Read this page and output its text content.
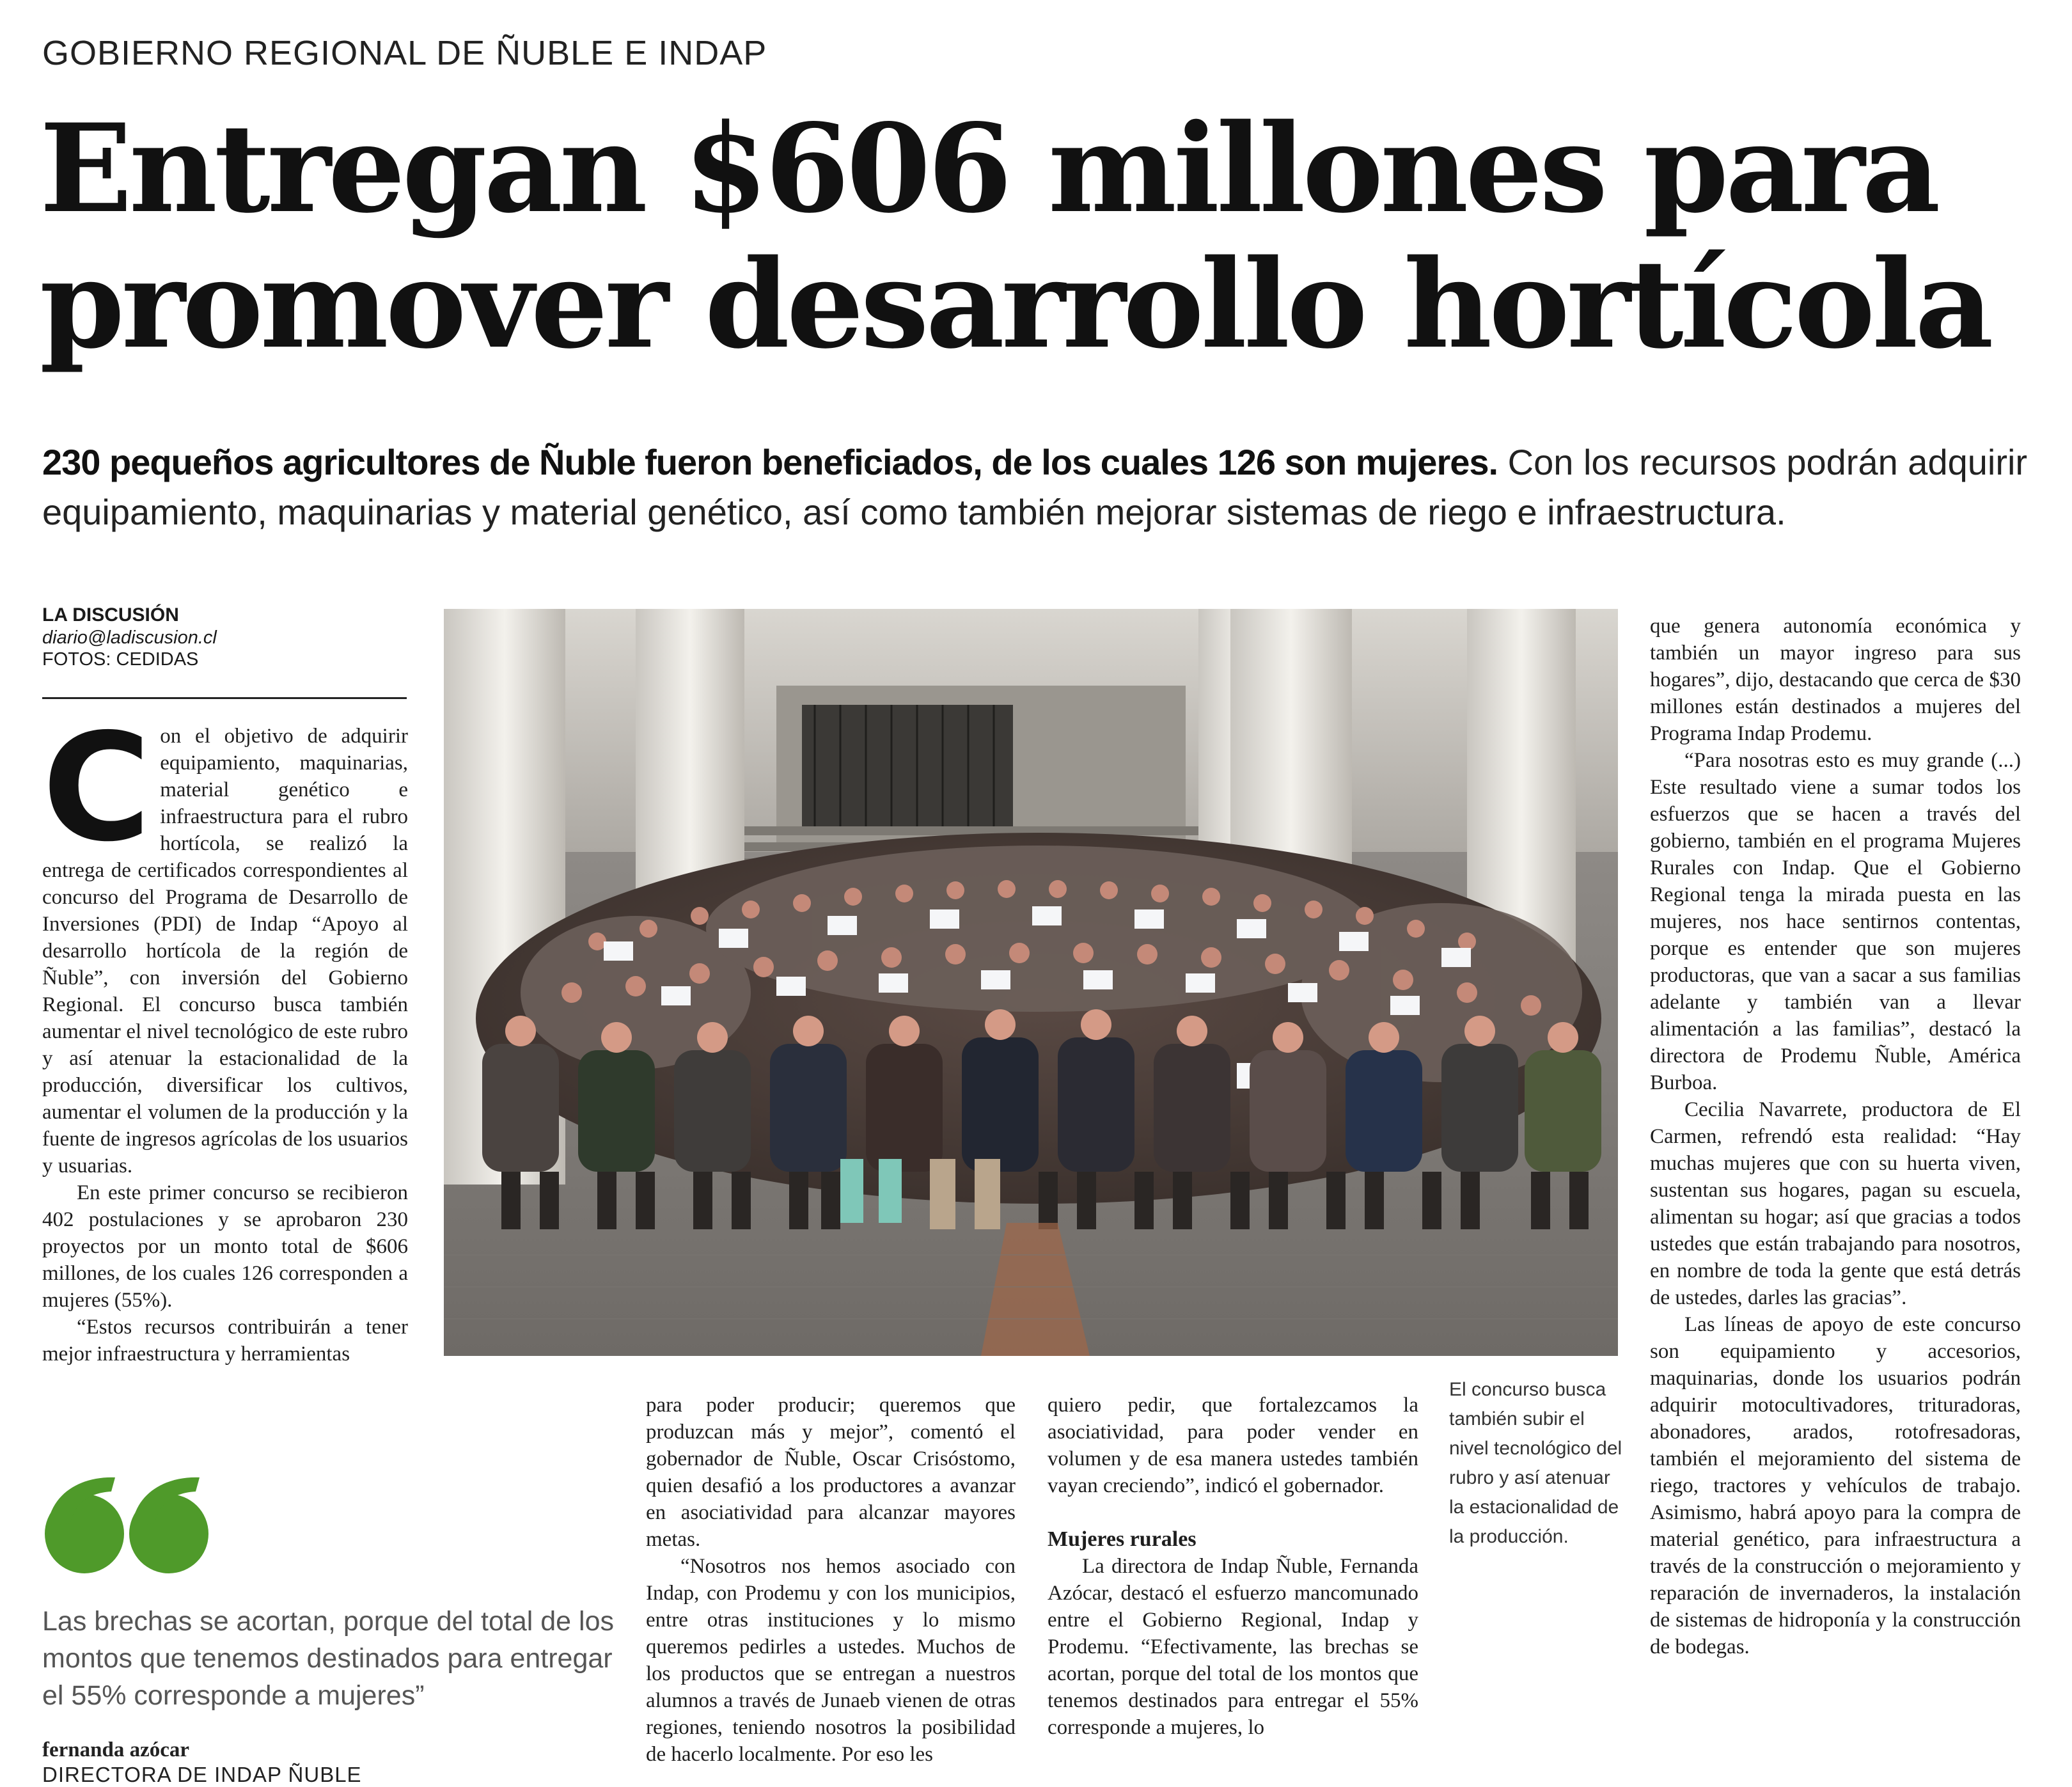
GOBIERNO REGIONAL DE ÑUBLE E INDAP
Entregan $606 millones para
promover desarrollo hortícola
230 pequeños agricultores de Ñuble fueron beneficiados, de los cuales 126 son mujeres. Con los recursos podrán adquirir equipamiento, maquinarias y material genético, así como también mejorar sistemas de riego e infraestructura.
LA DISCUSIÓN
diario@ladiscusion.cl
FOTOS: CEDIDAS

Con el objetivo de adquirir equipamiento, maquinarias, material genético e infraestructura para el rubro hortícola, se realizó la entrega de certificados correspondientes al concurso del Programa de Desarrollo de Inversiones (PDI) de Indap “Apoyo al desarrollo hortícola de la región de Ñuble”, con inversión del Gobierno Regional. El concurso busca también aumentar el nivel tecnológico de este rubro y así atenuar la estacionalidad de la producción, diversificar los cultivos, aumentar el volumen de la producción y la fuente de ingresos agrícolas de los usuarios y usuarias.

En este primer concurso se recibieron 402 postulaciones y se aprobaron 230 proyectos por un monto total de $606 millones, de los cuales 126 corresponden a mujeres (55%).

“Estos recursos contribuirán a tener mejor infraestructura y herramientas

para poder producir; queremos que produzcan más y mejor”, comentó el gobernador de Ñuble, Oscar Crisóstomo, quien desafió a los productores a avanzar en asociatividad para alcanzar mayores metas.

“Nosotros nos hemos asociado con Indap, con Prodemu y con los municipios, entre otras instituciones y lo mismo queremos pedirles a ustedes. Muchos de los productos que se entregan a nuestros alumnos a través de Junaeb vienen de otras regiones, teniendo nosotros la posibilidad de hacerlo localmente. Por eso les

quiero pedir, que fortalezcamos la asociatividad, para poder vender en volumen y de esa manera ustedes también vayan creciendo”, indicó el gobernador.

Mujeres rurales

La directora de Indap Ñuble, Fernanda Azócar, destacó el esfuerzo mancomunado entre el Gobierno Regional, Indap y Prodemu. “Efectivamente, las brechas se acortan, porque del total de los montos que tenemos destinados para entregar el 55% corresponde a mujeres, lo

El concurso busca también subir el nivel tecnológico del rubro y así atenuar la estacionalidad de la producción.

que genera autonomía económica y también un mayor ingreso para sus hogares”, dijo, destacando que cerca de $30 millones están destinados a mujeres del Programa Indap Prodemu.

“Para nosotras esto es muy grande (...) Este resultado viene a sumar todos los esfuerzos que se hacen a través del gobierno, también en el programa Mujeres Rurales con Indap. Que el Gobierno Regional tenga la mirada puesta en las mujeres, nos hace sentirnos contentas, porque es entender que son mujeres productoras, que van a sacar a sus familias adelante y también van a llevar alimentación a las familias”, destacó la directora de Prodemu Ñuble, América Burboa.

Cecilia Navarrete, productora de El Carmen, refrendó esta realidad: “Hay muchas mujeres que con su huerta viven, sustentan sus hogares, pagan su escuela, alimentan su hogar; así que gracias a todos ustedes que están trabajando para nosotros, en nombre de toda la gente que está detrás de ustedes, darles las gracias”.

Las líneas de apoyo de este concurso son equipamiento y accesorios, maquinarias, donde los usuarios podrán adquirir motocultivadores, trituradoras, abonadores, arados, rotofresadoras, también el mejoramiento del sistema de riego, tractores y vehículos de trabajo. Asimismo, habrá apoyo para la compra de material genético, para infraestructura a través de la construcción o mejoramiento y reparación de invernaderos, la instalación de sistemas de hidroponía y la construcción de bodegas.

Las brechas se acortan, porque del total de los montos que tenemos destinados para entregar el 55% corresponde a mujeres”
fernanda azócar
DIRECTORA DE INDAP ÑUBLE
